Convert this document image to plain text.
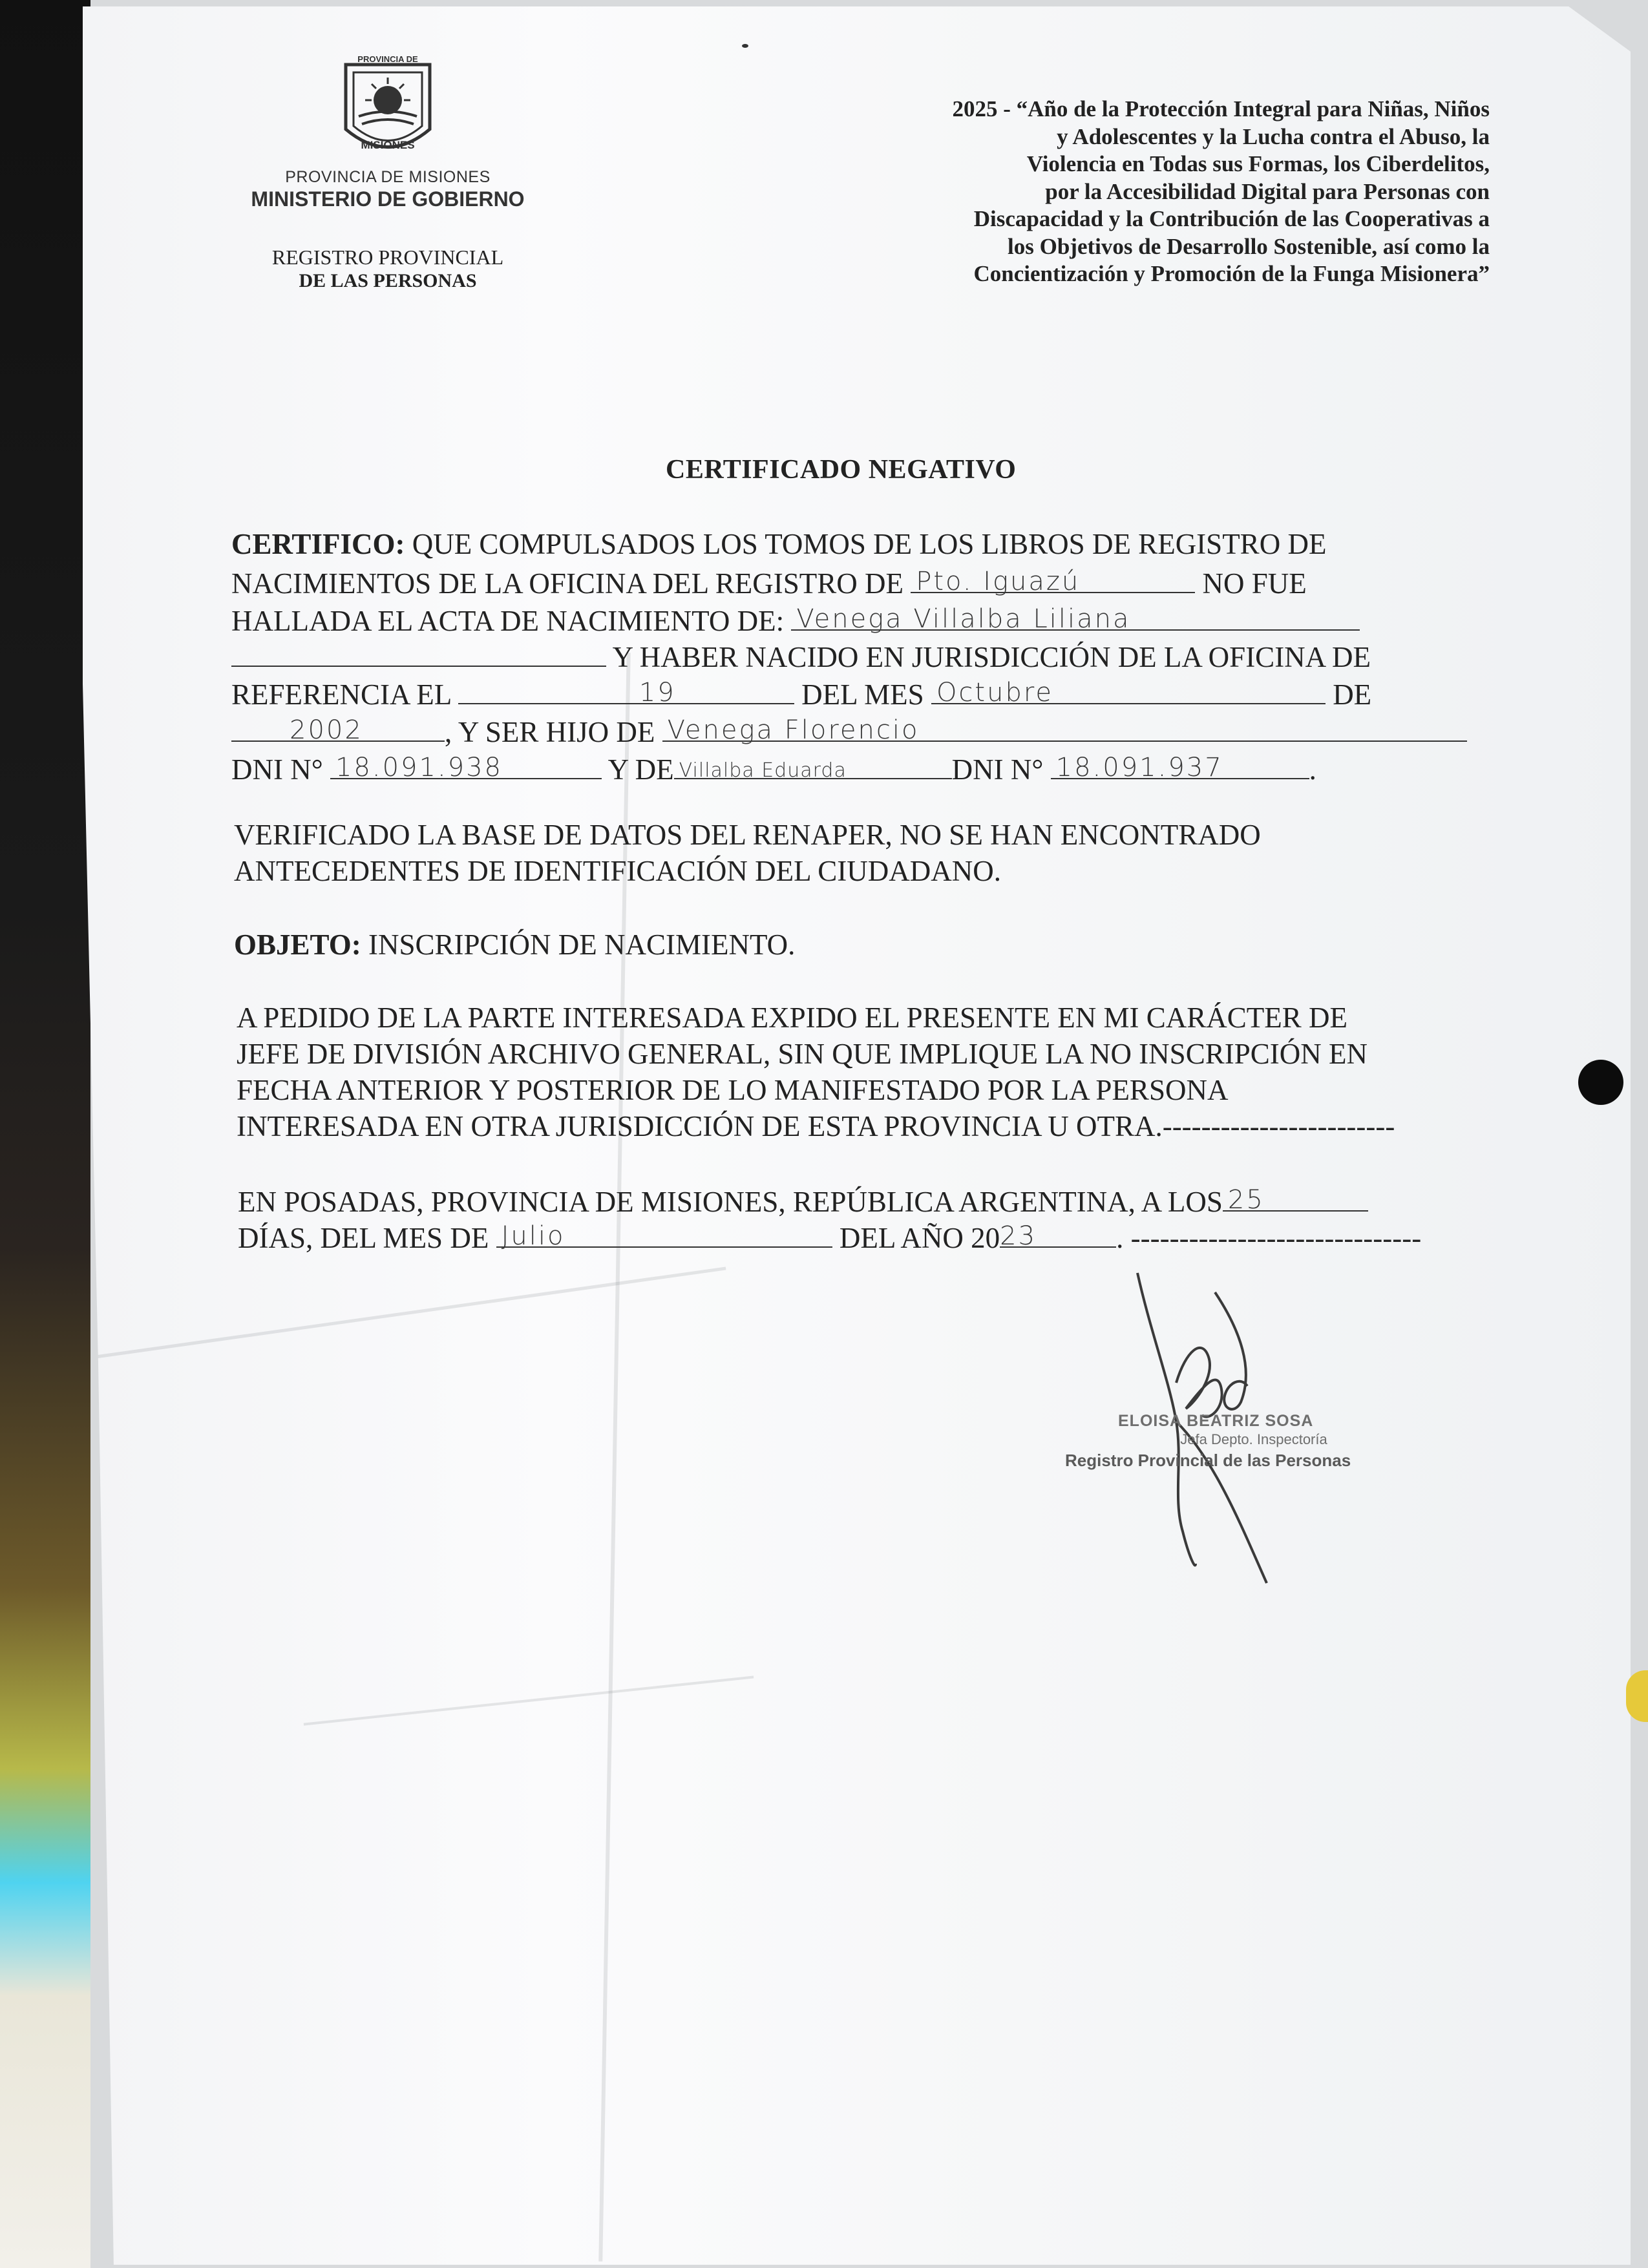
PROVINCIA DE
MISIONES
PROVINCIA DE MISIONES
MINISTERIO DE GOBIERNO
REGISTRO PROVINCIAL
DE LAS PERSONAS
2025 - “Año de la Protección Integral para Niñas, Niños
y Adolescentes y la Lucha contra el Abuso, la
Violencia en Todas sus Formas, los Ciberdelitos,
por la Accesibilidad Digital para Personas con
Discapacidad y la Contribución de las Cooperativas a
los Objetivos de Desarrollo Sostenible, así como la
Concientización y Promoción de la Funga Misionera”
CERTIFICADO NEGATIVO
CERTIFICO: QUE COMPULSADOS LOS TOMOS DE LOS LIBROS DE REGISTRO DE
NACIMIENTOS DE LA OFICINA DEL REGISTRO DE Pto. Iguazú	NO FUE
HALLADA EL ACTA DE NACIMIENTO DE: Venega Villalba Liliana
Y HABER NACIDO EN JURISDICCIÓN DE LA OFICINA DE
REFERENCIA EL	19	DEL MES Octubre	DE
2002	, Y SER HIJO DE Venega Florencio
DNI N° 18.091.938	Y DE Villalba Eduarda	DNI N° 18.091.937	.
VERIFICADO LA BASE DE DATOS DEL RENAPER, NO SE HAN ENCONTRADO
ANTECEDENTES DE IDENTIFICACIÓN DEL CIUDADANO.
OBJETO: INSCRIPCIÓN DE NACIMIENTO.
A PEDIDO DE LA PARTE INTERESADA EXPIDO EL PRESENTE EN MI CARÁCTER DE
JEFE DE DIVISIÓN ARCHIVO GENERAL, SIN QUE IMPLIQUE LA NO INSCRIPCIÓN EN
FECHA ANTERIOR Y POSTERIOR DE LO MANIFESTADO POR LA PERSONA
INTERESADA EN OTRA JURISDICCIÓN DE ESTA PROVINCIA U OTRA.------------------------
EN POSADAS, PROVINCIA DE MISIONES, REPÚBLICA ARGENTINA, A LOS 25
DÍAS, DEL MES DE Julio	DEL AÑO 20 23	. ------------------------------
ELOISA BEATRIZ SOSA
Jefa Depto. Inspectoría
Registro Provincial de las Personas
